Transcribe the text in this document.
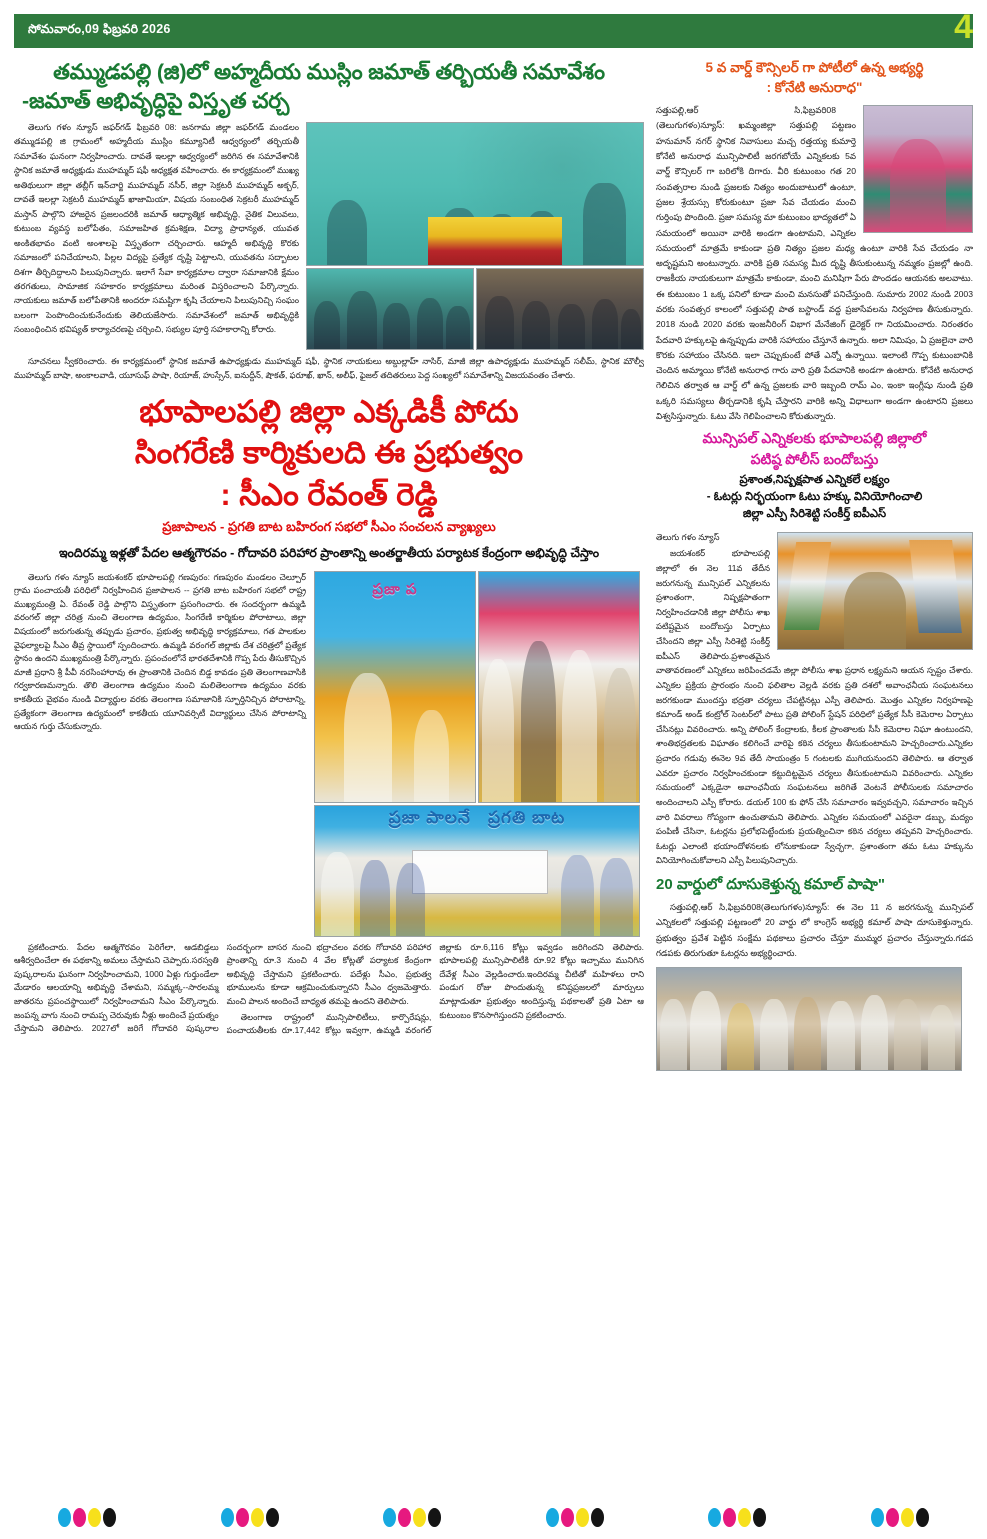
సోమవారం,09 ఫిబ్రవరి 2026	4
తమ్ముడపల్లి (జి)లో అహ్మదీయ ముస్లిం జమాత్ తర్బియతీ సమావేశం
-జమాత్ అభివృద్ధిపై విస్తృత చర్చ

తెలుగు గళం న్యూస్ జఫర్‌గడ్ ఫిబ్రవరి 08: జనగామ జిల్లా జఫర్‌గడ్ మండలం తమ్ముడపల్లి జి గ్రామంలో అహ్మదీయ ముస్లిం కమ్యూనిటీ ఆధ్వర్యంలో తర్బియతీ సమావేశం ఘనంగా నిర్వహించారు. దావతే ఇలల్లా ఆధ్వర్యంలో జరిగిన ఈ సమావేశానికి స్థానిక జమాతే అధ్యక్షుడు ముహమ్మద్ షఫీ అధ్యక్షత వహించారు. ఈ కార్యక్రమంలో ముఖ్య అతిథులుగా జిల్లా తబ్లీగ్ ఇన్‌చార్జి ముహమ్మద్ నసీర్, జిల్లా సెక్రటరీ ముహమ్మద్ అక్బర్, దావతే ఇలల్లా సెక్రటరీ ముహమ్మద్ ఖాజామియా, విషయ సంబంధిత సెక్రటరీ ముహమ్మద్ మస్తాన్ పాల్గొని హాజరైన ప్రజలందరికి జమాత్ ఆధ్యాత్మిక అభివృద్ధి, నైతిక విలువలు, కుటుంబ వ్యవస్థ బలోపేతం, సమాజహిత క్రమశిక్షణ, విద్యా ప్రాధాన్యత, యువత అంకితభావం వంటి అంశాలపై విస్తృతంగా చర్చించారు. ఆహ్మదీ అభివృద్ధి కొరకు సమాజంలో పనిచేయాలని, పిల్లల విద్యపై ప్రత్యేక దృష్టి పెట్టాలని, యువతను సద్బాటల దిశగా తీర్చిదిద్దాలని పిలుపునిచ్చారు. ఇలాగే సేవా కార్యక్రమాల ద్వారా సమాజానికి క్షేమం తరగతులు, సామాజిక సహకారం కార్యక్రమాలు మరింత విస్తరించాలని పేర్కొన్నారు. నాయకులు జమాత్ బలోపేతానికి అందరూ సమష్టిగా కృషి చేయాలని పిలుపునిచ్చి సంఘం బలంగా పెంపొందించుకునేందుకు తెలియజేసారు. సమావేశంలో జమాత్ అభివృద్ధికి సంబంధించిన భవిష్యత్ కార్యాచరణపై చర్చించి, సభ్యుల పూర్తి సహకారాన్ని కోరారు.

సూచనలు స్వీకరించారు. ఈ కార్యక్రమంలో స్థానిక జమాతే ఉపాధ్యక్షుడు ముహమ్మద్ షఫీ, స్థానిక నాయకులు అబ్దుల్లాహ్ నాసిర్, మాజీ జిల్లా ఉపాధ్యక్షుడు ముహమ్మద్ సలీమ్, స్థానిక మౌల్వీ ముహమ్మద్ బాషా, అంకాలవాడి, యూసుఫ్ పాషా, రియాజ్, హుస్సేన్, ఐనుద్దీన్, షౌకత్, ఫరూఖ్, ఖాన్, అలీఫ్, ఫైజల్ తదితరులు పెద్ద సంఖ్యలో సమావేశాన్ని విజయవంతం చేశారు.

భూపాలపల్లి జిల్లా ఎక్కడికీ పోదు
సింగరేణి కార్మికులది ఈ ప్రభుత్వం
: సీఎం రేవంత్ రెడ్డి
ప్రజాపాలన - ప్రగతి బాట బహిరంగ సభలో సీఎం సంచలన వ్యాఖ్యలు
ఇందిరమ్మ ఇళ్లతో పేదల ఆత్మగౌరవం - గోదావరి పరిహార ప్రాంతాన్ని అంతర్జాతీయ పర్యాటక కేంద్రంగా అభివృద్ధి చేస్తాం

తెలుగు గళం న్యూస్ జయశంకర్ భూపాలపల్లి గణపురం: గణపురం మండలం చెల్పూర్ గ్రామ పంచాయతీ పరిధిలో నిర్వహించిన ప్రజాపాలన -- ప్రగతి బాట బహిరంగ సభలో రాష్ట్ర ముఖ్యమంత్రి ఏ. రేవంత్ రెడ్డి పాల్గొని విస్తృతంగా ప్రసంగించారు. ఈ సందర్భంగా ఉమ్మడి వరంగల్ జిల్లా చరిత్ర నుంచి తెలంగాణ ఉద్యమం, సింగరేణి కార్మికుల పోరాటాలు, జిల్లా విషయంలో జరుగుతున్న తప్పుడు ప్రచారం, ప్రభుత్వ అభివృద్ధి కార్యక్రమాలు, గత పాలకుల వైఫల్యాలపై సీఎం తీవ్ర స్థాయిలో స్పందించారు. ఉమ్మడి వరంగల్ జిల్లాకు దేశ చరిత్రలో ప్రత్యేక స్థానం ఉందని ముఖ్యమంత్రి పేర్కొన్నారు. ప్రపంచంలోనే భారతదేశానికి గొప్ప పేరు తీసుకొచ్చిన మాజీ ప్రధాని శ్రీ పీవీ నరసింహారావు ఈ ప్రాంతానికి చెందిన బిడ్డ కావడం ప్రతి తెలంగాణవాసికి గర్వకారణమన్నారు. తొలి తెలంగాణ ఉద్యమం నుంచి మలితెలంగాణ ఉద్యమం వరకు కాకతీయ వైభవం నుండి విద్యార్థుల వరకు తెలంగాణ సమాజానికి స్ఫూర్తినిచ్చిన పోరాటాన్ని, ప్రత్యేకంగా తెలంగాణ ఉద్యమంలో కాకతీయ యూనివర్సిటీ విద్యార్థులు చేసిన పోరాటాన్ని ఆయన గుర్తు చేసుకున్నారు.

ప్రజా ప
ప్రజా పాలనే   ప్రగతి బాట

ప్రకటించారు. పేదల ఆత్మగౌరవం పెరిగేలా, ఆడబిడ్డలు ఆశీర్వదించేలా ఈ పథకాన్ని అమలు చేస్తామని చెప్పారు.సరస్వతి పుష్కరాలను ఘనంగా నిర్వహించామని, 1000 ఏళ్లు గుర్తుండేలా మేడారం ఆలయాన్ని అభివృద్ధి చేశామని, సమ్మక్క--సారలమ్మ జాతరను ప్రపంచస్థాయిలో నిర్వహించామని సీఎం పేర్కొన్నారు. జంపన్న వాగు నుంచి రామప్ప చెరువుకు నీళ్లు అందించే ప్రయత్నం చేస్తామని తెలిపారు. 2027లో జరిగే గోదావరి పుష్కరాల సందర్భంగా బాసర నుంచి భద్రాచలం వరకు గోదావరి పరిహార ప్రాంతాన్ని రూ.3 నుంచి 4 వేల కోట్లతో పర్యాటక కేంద్రంగా అభివృద్ధి చేస్తామని ప్రకటించారు. పదేళ్లు సీఎం, ప్రభుత్వ భూములను కూడా ఆక్రమించుకున్నారని సీఎం ధ్వజమెత్తారు. మంచి పాలన అందించే బాధ్యత తమపై ఉందని తెలిపారు.

తెలంగాణ రాష్ట్రంలో మున్సిపాలిటీలు, కార్పొరేషన్లు, పంచాయతీలకు రూ.17,442 కోట్లు ఇవ్వగా, ఉమ్మడి వరంగల్ జిల్లాకు రూ.6,116 కోట్లు ఇవ్వడం జరిగిందని తెలిపారు. భూపాలపల్లి మున్సిపాలిటీకి రూ.92 కోట్లు ఇచ్చాము మునిగిన దేవేళ్ల సీఎం వెల్లడించారు.ఇందిరమ్మ చీటితో మహిళలు రాని పండుగ రోజు పొందుతున్న కనిష్టప్రజలలో మార్పులు మాట్లాడుతూ ప్రభుత్వం అందిస్తున్న పథకాలతో ప్రతి ఏటా ఆ కుటుంబం కొనసాగిస్తుందని ప్రకటించారు.

5 వ వార్డ్ కౌన్సిలర్ గా పోటీలో ఉన్న అభ్యర్థి
: కోనేటి అనురాధ"
సత్తుపల్లి,ఆర్	సి,ఫిబ్రవరి08

(తెలుగుగళం)న్యూస్: ఖమ్మంజిల్లా సత్తుపల్లి పట్టణం హనుమాన్ నగర్ స్థానిక నివాసులు మచ్చ రత్తయ్య కుమార్తె కోనేటి అనురాధ మున్సిపాలిటీ జరగబోయే ఎన్నికలకు 5వ వార్డ్ కౌన్సిలర్ గా బరిలోకి దిగారు. వీరి కుటుంబం గత 20 సంవత్సరాల నుండి ప్రజలకు నిత్యం అందుబాటులో ఉంటూ, ప్రజల శ్రేయస్సు కోరుకుంటూ ప్రజా సేవ చేయడం మంచి గుర్తింపు పొందింది. ప్రజా సమస్య మా కుటుంబం భాద్యతలో ఏ సమయంలో అయినా వారికి అండగా ఉంటామని, ఎన్నికల సమయంలో మాత్రమే కాకుండా ప్రతి నిత్యం ప్రజల మధ్య ఉంటూ వారికి సేవ చేయడం నా అదృష్టమని అంటున్నారు. వారికి ప్రతి సమస్య మీద దృష్టి తీసుకుంటున్న నమ్మకం ప్రజల్లో ఉంది. రాజకీయ నాయకులుగా మాత్రమే కాకుండా, మంచి మనిషిగా పేరు పొందడం ఆయనకు అలవాటు. ఈ కుటుంబం 1 ఒక్క పనిలో కూడా మంచి మనసుతో పనిచేస్తుంది. సుమారు 2002 నుండి 2003 వరకు సంవత్సర కాలంలో సత్తుపల్లి పాత బస్టాండ్ వద్ద ప్రజాసేవలను నిర్వహణ తీసుకున్నారు. 2018 నుండి 2020 వరకు ఇంజనీరింగ్ విభాగ మేనేజింగ్ డైరెక్టర్ గా నియమించారు. నిరంతరం పేదవారి హక్కులపై ఉన్నప్పుడు వారికి సహాయం చేస్తూనే ఉన్నారు. అలా నిమిషం, ఏ ప్రజలైనా వారి కొరకు సహాయం చేసినది. ఇలా చెప్పుకుంటే పోతే ఎన్నో ఉన్నాయి. ఇలాంటి గొప్ప కుటుంబానికి చెందిన అమ్మాయి కోనేటి అనురాధ గారు వారి ప్రతి పేదవానికి అండగా ఉంటారు. కోనేటి అనురాధ గెలిచిన తర్వాత ఆ వార్డ్ లో ఉన్న ప్రజలకు వారి ఇబ్బంది రామ్ ఎం, ఇంకా ఇంగ్లీషు నుండి ప్రతి ఒక్కరి సమస్యలు తీర్చడానికి కృషి చేస్తారని వారికి అన్ని విధాలుగా అండగా ఉంటారని ప్రజలు విశ్వసిస్తున్నారు. ఓటు వేసి గెలిపించాలని కోరుతున్నారు.

మున్సిపల్ ఎన్నికలకు భూపాలపల్లి జిల్లాలో
పటిష్ఠ పోలీస్ బందోబస్తు
ప్రశాంత,నిష్పక్షపాత ఎన్నికలే లక్ష్యం
- ఓటర్లు నిర్భయంగా ఓటు హక్కు వినియోగించాలి
జిల్లా ఎస్పీ సిరిశెట్టి సంకీర్త్ ఐపీఎస్

తెలుగు గళం న్యూస్

జయశంకర్ భూపాలపల్లి జిల్లాలో ఈ నెల 11వ తేదీన జరుగనున్న మున్సిపల్ ఎన్నికలను ప్రశాంతంగా, నిష్పక్షపాతంగా నిర్వహించడానికి జిల్లా పోలీసు శాఖ పటిష్టమైన బందోబస్తు ఏర్పాటు చేసిందని జిల్లా ఎస్పీ సిరిశెట్టి సంకీర్త్ ఐపీఎస్ తెలిపారు.ప్రశాంతమైన వాతావరణంలో ఎన్నికలు జరిపించడమే జిల్లా పోలీసు శాఖ ప్రధాన లక్ష్యమని ఆయన స్పష్టం చేశారు. ఎన్నికల ప్రక్రియ ప్రారంభం నుంచి ఫలితాల వెల్లడి వరకు ప్రతి దశలో అవాంఛనీయ సంఘటనలు జరగకుండా ముందస్తు భద్రతా చర్యలు చేపట్టినట్లు ఎస్పీ తెలిపారు. మొత్తం ఎన్నికల నిర్వహణపై కమాండ్ అండ్ కంట్రోల్ సెంటర్‌లో పాటు ప్రతి పోలింగ్ స్టేషన్ పరిధిలో ప్రత్యేక సీసీ కెమెరాల ఏర్పాటు చేసినట్లు వివరించారు. అన్ని పోలింగ్ కేంద్రాలకు, కీలక ప్రాంతాలకు సీసీ కెమెరాల నిఘా ఉంటుందని, శాంతిభద్రతలకు విఘాతం కలిగించే వారిపై కఠిన చర్యలు తీసుకుంటామని హెచ్చరించారు.ఎన్నికల ప్రచారం గడువు ఈనెల 9వ తేదీ సాయంత్రం 5 గంటలకు ముగియనుందని తెలిపారు. ఆ తర్వాత ఎవరూ ప్రచారం నిర్వహించకుండా కట్టుదిట్టమైన చర్యలు తీసుకుంటామని వివరించారు. ఎన్నికల సమయంలో ఎక్కడైనా అవాంఛనీయ సంఘటనలు జరిగితే వెంటనే పోలీసులకు సమాచారం అందించాలని ఎస్పీ కోరారు. డయల్ 100 కు ఫోన్ చేసి సమాచారం ఇవ్వవచ్చని, సమాచారం ఇచ్చిన వారి వివరాలు గోప్యంగా ఉంచుతామని తెలిపారు. ఎన్నికల సమయంలో ఎవరైనా డబ్బు, మద్యం పంపిణీ చేసినా, ఓటర్లను ప్రలోభపెట్టేందుకు ప్రయత్నించినా కఠిన చర్యలు తప్పవని హెచ్చరించారు. ఓటర్లు ఎలాంటి భయాందోళనలకు లోనుకాకుండా స్వేచ్ఛగా, ప్రశాంతంగా తమ ఓటు హక్కును వినియోగించుకోవాలని ఎస్పీ పిలుపునిచ్చారు.

20 వార్డులో దూసుకెళ్తున్న కమాల్ పాషా"

సత్తుపల్లి,ఆర్ సి,ఫిబ్రవరి08(తెలుగుగళం)న్యూస్: ఈ నెల 11 న జరగనున్న మున్సిపల్ ఎన్నికలలో సత్తుపల్లి పట్టణంలో 20 వార్డు లో కాంగ్రెస్ అభ్యర్థి కమాల్ పాషా దూసుకెళ్తున్నారు. ప్రభుత్వం ప్రవేశ పెట్టిన సంక్షేమ పథకాలు ప్రచారం చేస్తూ ముమ్మర ప్రచారం చేస్తున్నారు.గడప గడపకు తిరుగుతూ ఓటర్లను అభ్యర్థించారు.
